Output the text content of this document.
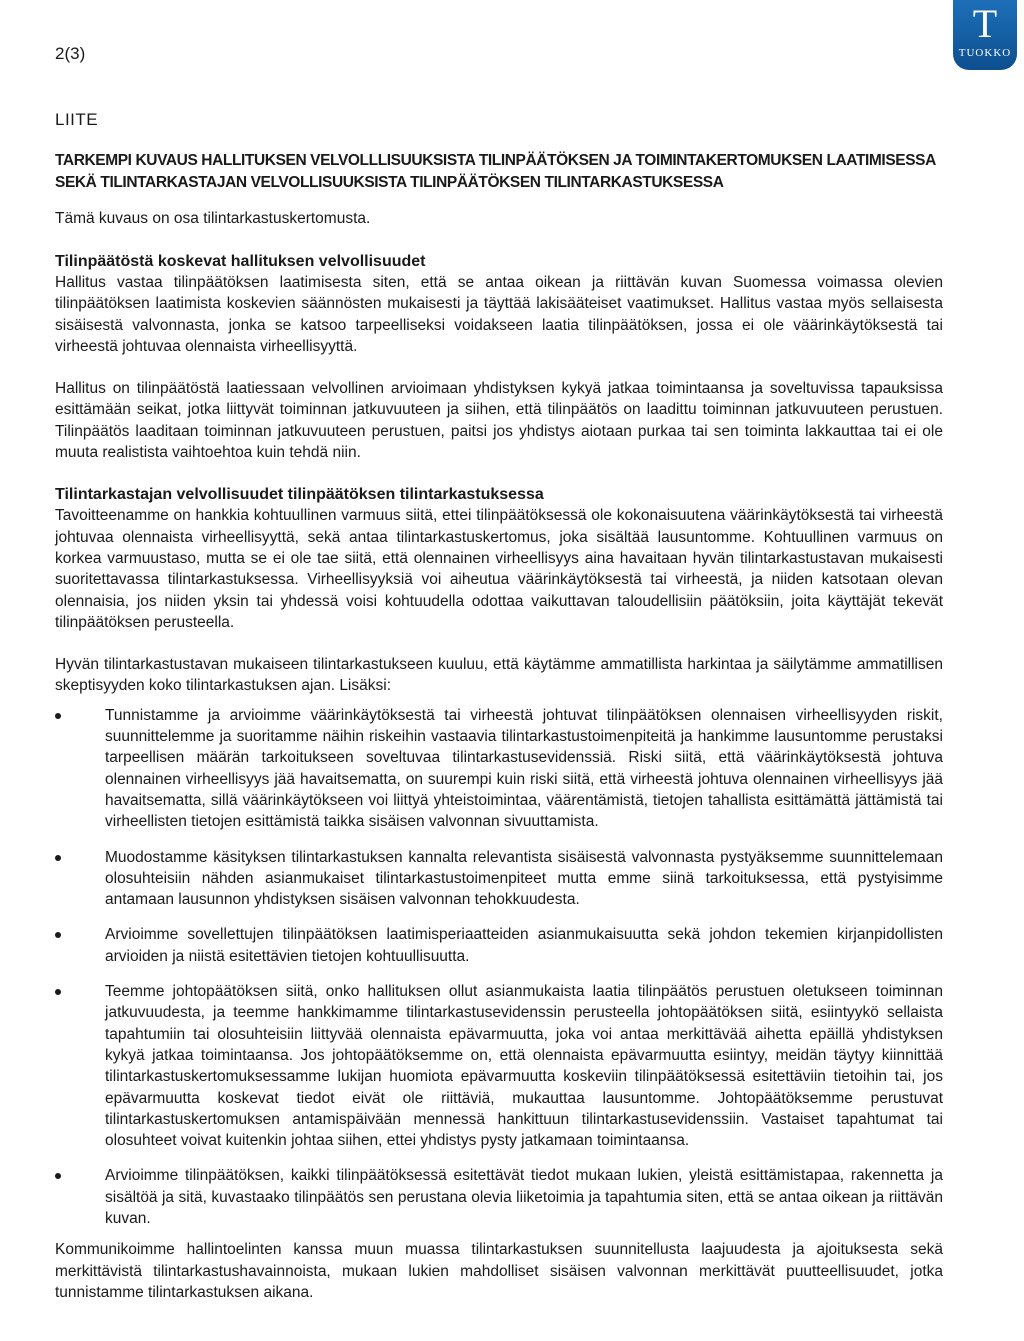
2(3)
T
TUOKKO
LIITE
TARKEMPI KUVAUS HALLITUKSEN VELVOLLLISUUKSISTA TILINPÄÄTÖKSEN JA TOIMINTAKERTOMUKSEN LAATIMISESSA
SEKÄ TILINTARKASTAJAN VELVOLLISUUKSISTA TILINPÄÄTÖKSEN TILINTARKASTUKSESSA
Tämä kuvaus on osa tilintarkastuskertomusta.
Tilinpäätöstä koskevat hallituksen velvollisuudet

Hallitus vastaa tilinpäätöksen laatimisesta siten, että se antaa oikean ja riittävän kuvan Suomessa voimassa olevien tilinpäätöksen laatimista koskevien säännösten mukaisesti ja täyttää lakisääteiset vaatimukset. Hallitus vastaa myös sellaisesta sisäisestä valvonnasta, jonka se katsoo tarpeelliseksi voidakseen laatia tilinpäätöksen, jossa ei ole väärinkäytöksestä tai virheestä johtuvaa olennaista virheellisyyttä.

Hallitus on tilinpäätöstä laatiessaan velvollinen arvioimaan yhdistyksen kykyä jatkaa toimintaansa ja soveltuvissa tapauksissa esittämään seikat, jotka liittyvät toiminnan jatkuvuuteen ja siihen, että tilinpäätös on laadittu toiminnan jatkuvuuteen perustuen. Tilinpäätös laaditaan toiminnan jatkuvuuteen perustuen, paitsi jos yhdistys aiotaan purkaa tai sen toiminta lakkauttaa tai ei ole muuta realistista vaihtoehtoa kuin tehdä niin.

Tilintarkastajan velvollisuudet tilinpäätöksen tilintarkastuksessa

Tavoitteenamme on hankkia kohtuullinen varmuus siitä, ettei tilinpäätöksessä ole kokonaisuutena väärinkäytöksestä tai virheestä johtuvaa olennaista virheellisyyttä, sekä antaa tilintarkastuskertomus, joka sisältää lausuntomme. Kohtuullinen varmuus on korkea varmuustaso, mutta se ei ole tae siitä, että olennainen virheellisyys aina havaitaan hyvän tilintarkastustavan mukaisesti suoritettavassa tilintarkastuksessa. Virheellisyyksiä voi aiheutua väärinkäytöksestä tai virheestä, ja niiden katsotaan olevan olennaisia, jos niiden yksin tai yhdessä voisi kohtuudella odottaa vaikuttavan taloudellisiin päätöksiin, joita käyttäjät tekevät tilinpäätöksen perusteella.

Hyvän tilintarkastustavan mukaiseen tilintarkastukseen kuuluu, että käytämme ammatillista harkintaa ja säilytämme ammatillisen skeptisyyden koko tilintarkastuksen ajan. Lisäksi:

Tunnistamme ja arvioimme väärinkäytöksestä tai virheestä johtuvat tilinpäätöksen olennaisen virheellisyyden riskit, suunnittelemme ja suoritamme näihin riskeihin vastaavia tilintarkastustoimenpiteitä ja hankimme lausuntomme perustaksi tarpeellisen määrän tarkoitukseen soveltuvaa tilintarkastusevidenssiä. Riski siitä, että väärinkäytöksestä johtuva olennainen virheellisyys jää havaitsematta, on suurempi kuin riski siitä, että virheestä johtuva olennainen virheellisyys jää havaitsematta, sillä väärinkäytökseen voi liittyä yhteistoimintaa, väärentämistä, tietojen tahallista esittämättä jättämistä tai virheellisten tietojen esittämistä taikka sisäisen valvonnan sivuuttamista.
Muodostamme käsityksen tilintarkastuksen kannalta relevantista sisäisestä valvonnasta pystyäksemme suunnittelemaan olosuhteisiin nähden asianmukaiset tilintarkastustoimenpiteet mutta emme siinä tarkoituksessa, että pystyisimme antamaan lausunnon yhdistyksen sisäisen valvonnan tehokkuudesta.
Arvioimme sovellettujen tilinpäätöksen laatimisperiaatteiden asianmukaisuutta sekä johdon tekemien kirjanpidollisten arvioiden ja niistä esitettävien tietojen kohtuullisuutta.
Teemme johtopäätöksen siitä, onko hallituksen ollut asianmukaista laatia tilinpäätös perustuen oletukseen toiminnan jatkuvuudesta, ja teemme hankkimamme tilintarkastusevidenssin perusteella johtopäätöksen siitä, esiintyykö sellaista tapahtumiin tai olosuhteisiin liittyvää olennaista epävarmuutta, joka voi antaa merkittävää aihetta epäillä yhdistyksen kykyä jatkaa toimintaansa. Jos johtopäätöksemme on, että olennaista epävarmuutta esiintyy, meidän täytyy kiinnittää tilintarkastuskertomuksessamme lukijan huomiota epävarmuutta koskeviin tilinpäätöksessä esitettäviin tietoihin tai, jos epävarmuutta koskevat tiedot eivät ole riittäviä, mukauttaa lausuntomme. Johtopäätöksemme perustuvat tilintarkastuskertomuksen antamispäivään mennessä hankittuun tilintarkastusevidenssiin. Vastaiset tapahtumat tai olosuhteet voivat kuitenkin johtaa siihen, ettei yhdistys pysty jatkamaan toimintaansa.
Arvioimme tilinpäätöksen, kaikki tilinpäätöksessä esitettävät tiedot mukaan lukien, yleistä esittämistapaa, rakennetta ja sisältöä ja sitä, kuvastaako tilinpäätös sen perustana olevia liiketoimia ja tapahtumia siten, että se antaa oikean ja riittävän kuvan.

Kommunikoimme hallintoelinten kanssa muun muassa tilintarkastuksen suunnitellusta laajuudesta ja ajoituksesta sekä merkittävistä tilintarkastushavainnoista, mukaan lukien mahdolliset sisäisen valvonnan merkittävät puutteellisuudet, jotka tunnistamme tilintarkastuksen aikana.
